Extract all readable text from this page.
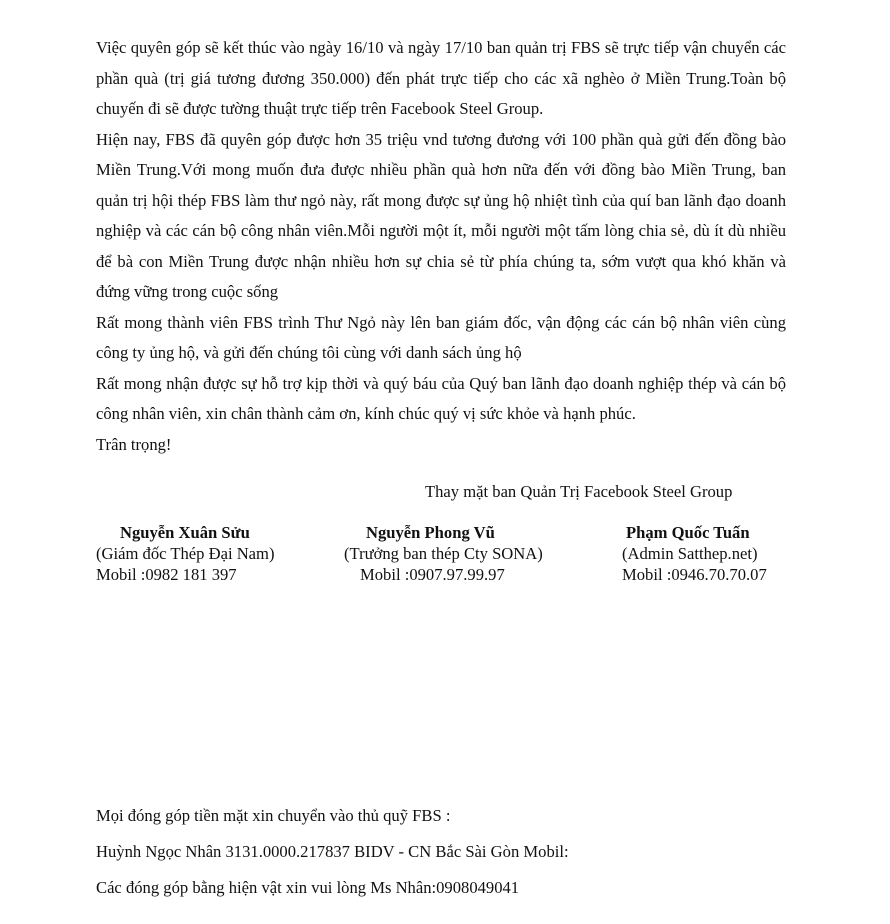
Việc quyên góp sẽ kết thúc vào ngày 16/10 và ngày 17/10 ban quản trị FBS sẽ trực tiếp vận chuyển các phần quà (trị giá tương đương 350.000) đến phát trực tiếp cho các xã nghèo ở Miền Trung.Toàn bộ chuyến đi sẽ được tường thuật trực tiếp trên Facebook Steel Group.

Hiện nay, FBS đã quyên góp được hơn 35 triệu vnd tương đương với 100 phần quà gửi đến đồng bào Miền Trung.Với mong muốn đưa được nhiều phần quà hơn nữa đến với đồng bào Miền Trung, ban quản trị hội thép FBS làm thư ngỏ này, rất mong được sự ủng hộ nhiệt tình của quí ban lãnh đạo doanh nghiệp và các cán bộ công nhân viên.Mỗi người một ít, mỗi người một tấm lòng chia sẻ, dù ít dù nhiều để bà con Miền Trung được nhận nhiều hơn sự chia sẻ từ phía chúng ta, sớm vượt qua khó khăn và đứng vững trong cuộc sống

Rất mong thành viên FBS trình Thư Ngỏ này lên ban giám đốc, vận động các cán bộ nhân viên cùng công ty ủng hộ, và gửi đến chúng tôi cùng với danh sách ủng hộ

Rất mong nhận được sự hỗ trợ kịp thời và quý báu của Quý ban lãnh đạo doanh nghiệp thép và cán bộ công nhân viên, xin chân thành cảm ơn, kính chúc quý vị sức khỏe và hạnh phúc.

Trân trọng!

Thay mặt ban Quản Trị Facebook Steel Group
Nguyễn Xuân Sửu
(Giám đốc Thép Đại Nam)
Mobil :0982 181 397
Nguyễn Phong Vũ
(Trưởng ban thép Cty SONA)
Mobil :0907.97.99.97
Phạm Quốc Tuấn
(Admin Satthep.net)
Mobil :0946.70.70.07

Mọi đóng góp tiền mặt xin chuyển vào thủ quỹ FBS :

Huỳnh Ngọc Nhân 3131.0000.217837 BIDV - CN Bắc Sài Gòn Mobil:

Các đóng góp bằng hiện vật xin vui lòng Ms Nhân:0908049041
